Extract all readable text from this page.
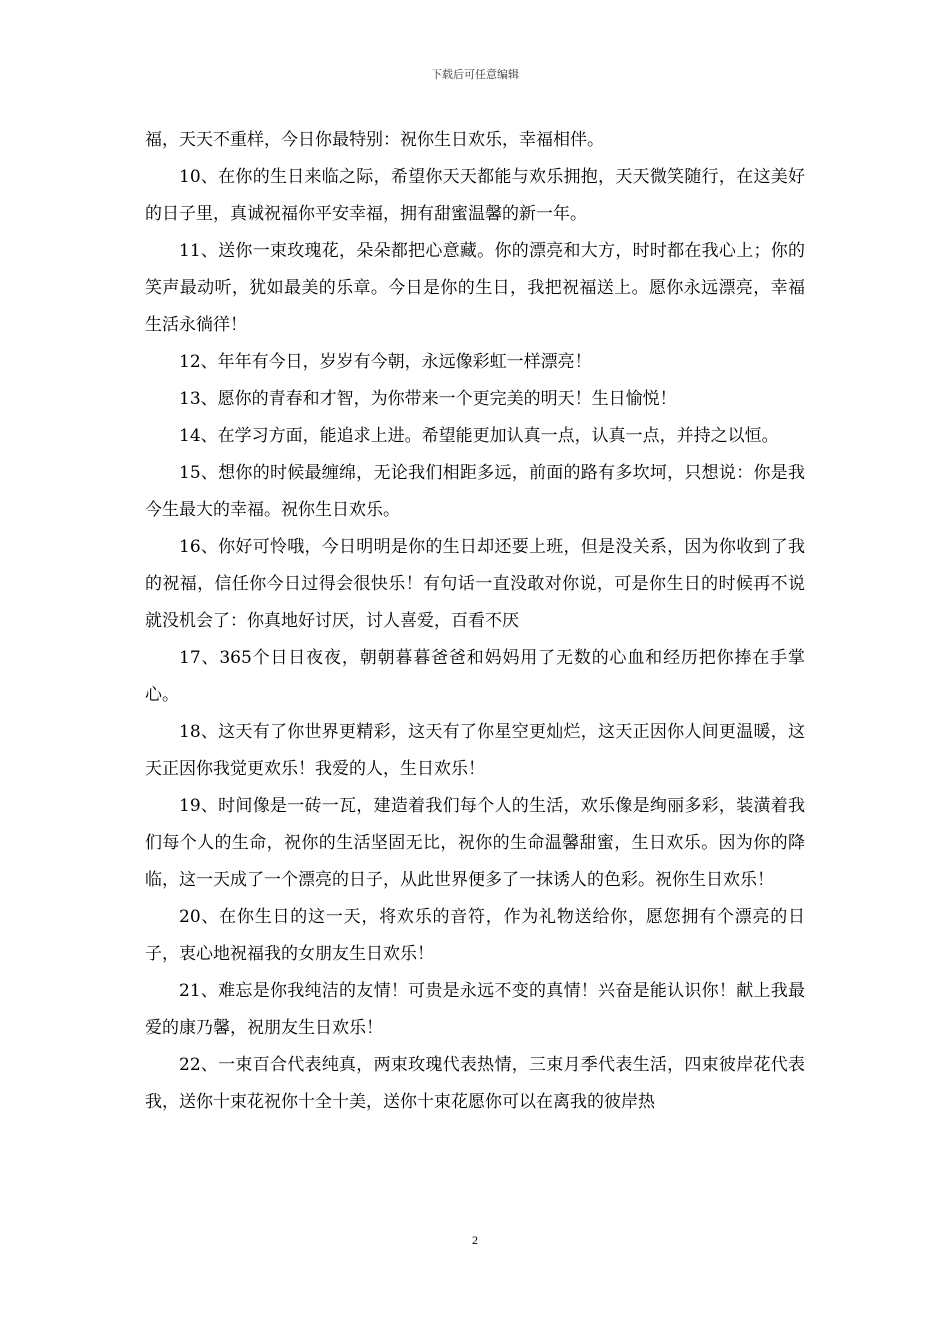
下载后可任意编辑

福，天天不重样，今日你最特别：祝你生日欢乐，幸福相伴。

10、在你的生日来临之际，希望你天天都能与欢乐拥抱，天天微笑随行，在这美好的日子里，真诚祝福你平安幸福，拥有甜蜜温馨的新一年。

11、送你一束玫瑰花，朵朵都把心意藏。你的漂亮和大方，时时都在我心上；你的笑声最动听，犹如最美的乐章。今日是你的生日，我把祝福送上。愿你永远漂亮，幸福生活永徜徉！

12、年年有今日，岁岁有今朝，永远像彩虹一样漂亮！

13、愿你的青春和才智，为你带来一个更完美的明天！生日愉悦！

14、在学习方面，能追求上进。希望能更加认真一点，认真一点，并持之以恒。

15、想你的时候最缠绵，无论我们相距多远，前面的路有多坎坷，只想说：你是我今生最大的幸福。祝你生日欢乐。

16、你好可怜哦，今日明明是你的生日却还要上班，但是没关系，因为你收到了我的祝福，信任你今日过得会很快乐！有句话一直没敢对你说，可是你生日的时候再不说就没机会了：你真地好讨厌，讨人喜爱，百看不厌

17、365个日日夜夜，朝朝暮暮爸爸和妈妈用了无数的心血和经历把你捧在手掌心。

18、这天有了你世界更精彩，这天有了你星空更灿烂，这天正因你人间更温暖，这天正因你我觉更欢乐！我爱的人，生日欢乐！

19、时间像是一砖一瓦，建造着我们每个人的生活，欢乐像是绚丽多彩，装潢着我们每个人的生命，祝你的生活坚固无比，祝你的生命温馨甜蜜，生日欢乐。因为你的降临，这一天成了一个漂亮的日子，从此世界便多了一抹诱人的色彩。祝你生日欢乐！

20、在你生日的这一天，将欢乐的音符，作为礼物送给你，愿您拥有个漂亮的日子，衷心地祝福我的女朋友生日欢乐！

21、难忘是你我纯洁的友情！可贵是永远不变的真情！兴奋是能认识你！献上我最爱的康乃馨，祝朋友生日欢乐！

22、一束百合代表纯真，两束玫瑰代表热情，三束月季代表生活，四束彼岸花代表我，送你十束花祝你十全十美，送你十束花愿你可以在离我的彼岸热

2
